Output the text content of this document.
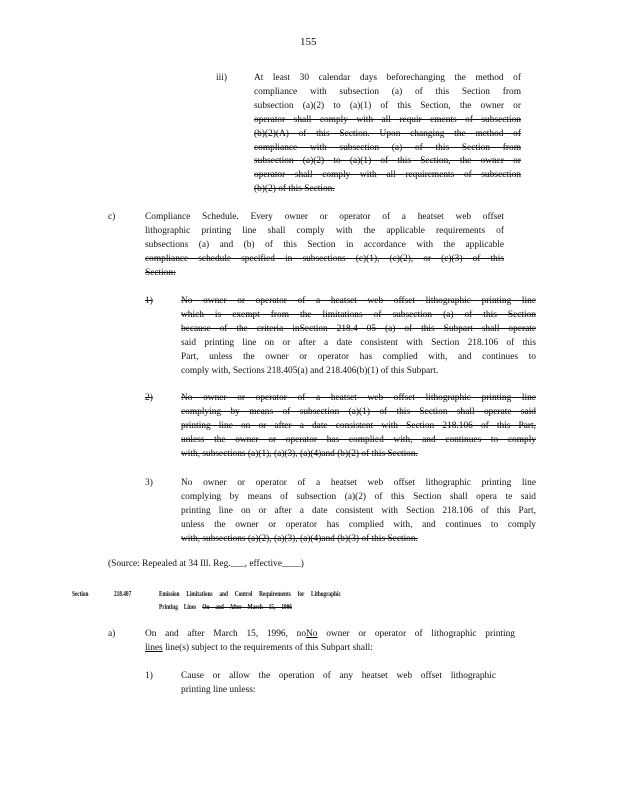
155
iii)	At least 30 calendar days beforechanging the method of
compliance with subsection (a) of this Section from
subsection (a)(2) to (a)(1) of this Section, the owner or
operator shall comply with all requir ements of subsection
(b)(2)(A) of this Section. Upon changing the method of
compliance with subsection (a) of this Section from
subsection (a)(2) to (a)(1) of this Section, the owner or
operator shall comply with all requirements of subsection
(b)(2) of this Section.
c)	Compliance Schedule. Every owner or operator of a heatset web offset
lithographic printing line shall comply with the applicable requirements of
subsections (a) and (b) of this Section in accordance with the applicable
compliance schedule specified in subsections (c)(1), (c)(2), or (c)(3) of this
Section:
1)	No owner or operator of a heatset web offset lithographic printing line
which is exempt from the limitations of subsection (a) of this Section
because of the criteria inSection 218.4 05 (a) of this Subpart shall operate
said printing line on or after a date consistent with Section 218.106 of this
Part, unless the owner or operator has complied with, and continues to
comply with, Sections 218.405(a) and 218.406(b)(1) of this Subpart.
2)	No owner or operator of a heatset web offset lithographic printing line
complying by means of subsection (a)(1) of this Section shall operate said
printing line on or after a date consistent with Section 218.106 of this Part,
unless the owner or operator has complied with, and continues to comply
with, subsections (a)(1), (a)(3), (a)(4)and (b)(2) of this Section.
3)	No owner or operator of a heatset web offset lithographic printing line
complying by means of subsection (a)(2) of this Section shall opera te said
printing line on or after a date consistent with Section 218.106 of this Part,
unless the owner or operator has complied with, and continues to comply
with, subsections (a)(2), (a)(3), (a)(4)and (b)(3) of this Section.
(Source: Repealed at 34 Ill. Reg.___, effective____)
Section	218.407	Emission Limitations and Control Requirements for Lithographic
Printing Lines On and After March 15, 1996
a)	On and after March 15, 1996, noNo owner or operator of lithographic printing
lines line(s) subject to the requirements of this Subpart shall:
1)	Cause or allow the operation of any heatset web offset lithographic
printing line unless:
